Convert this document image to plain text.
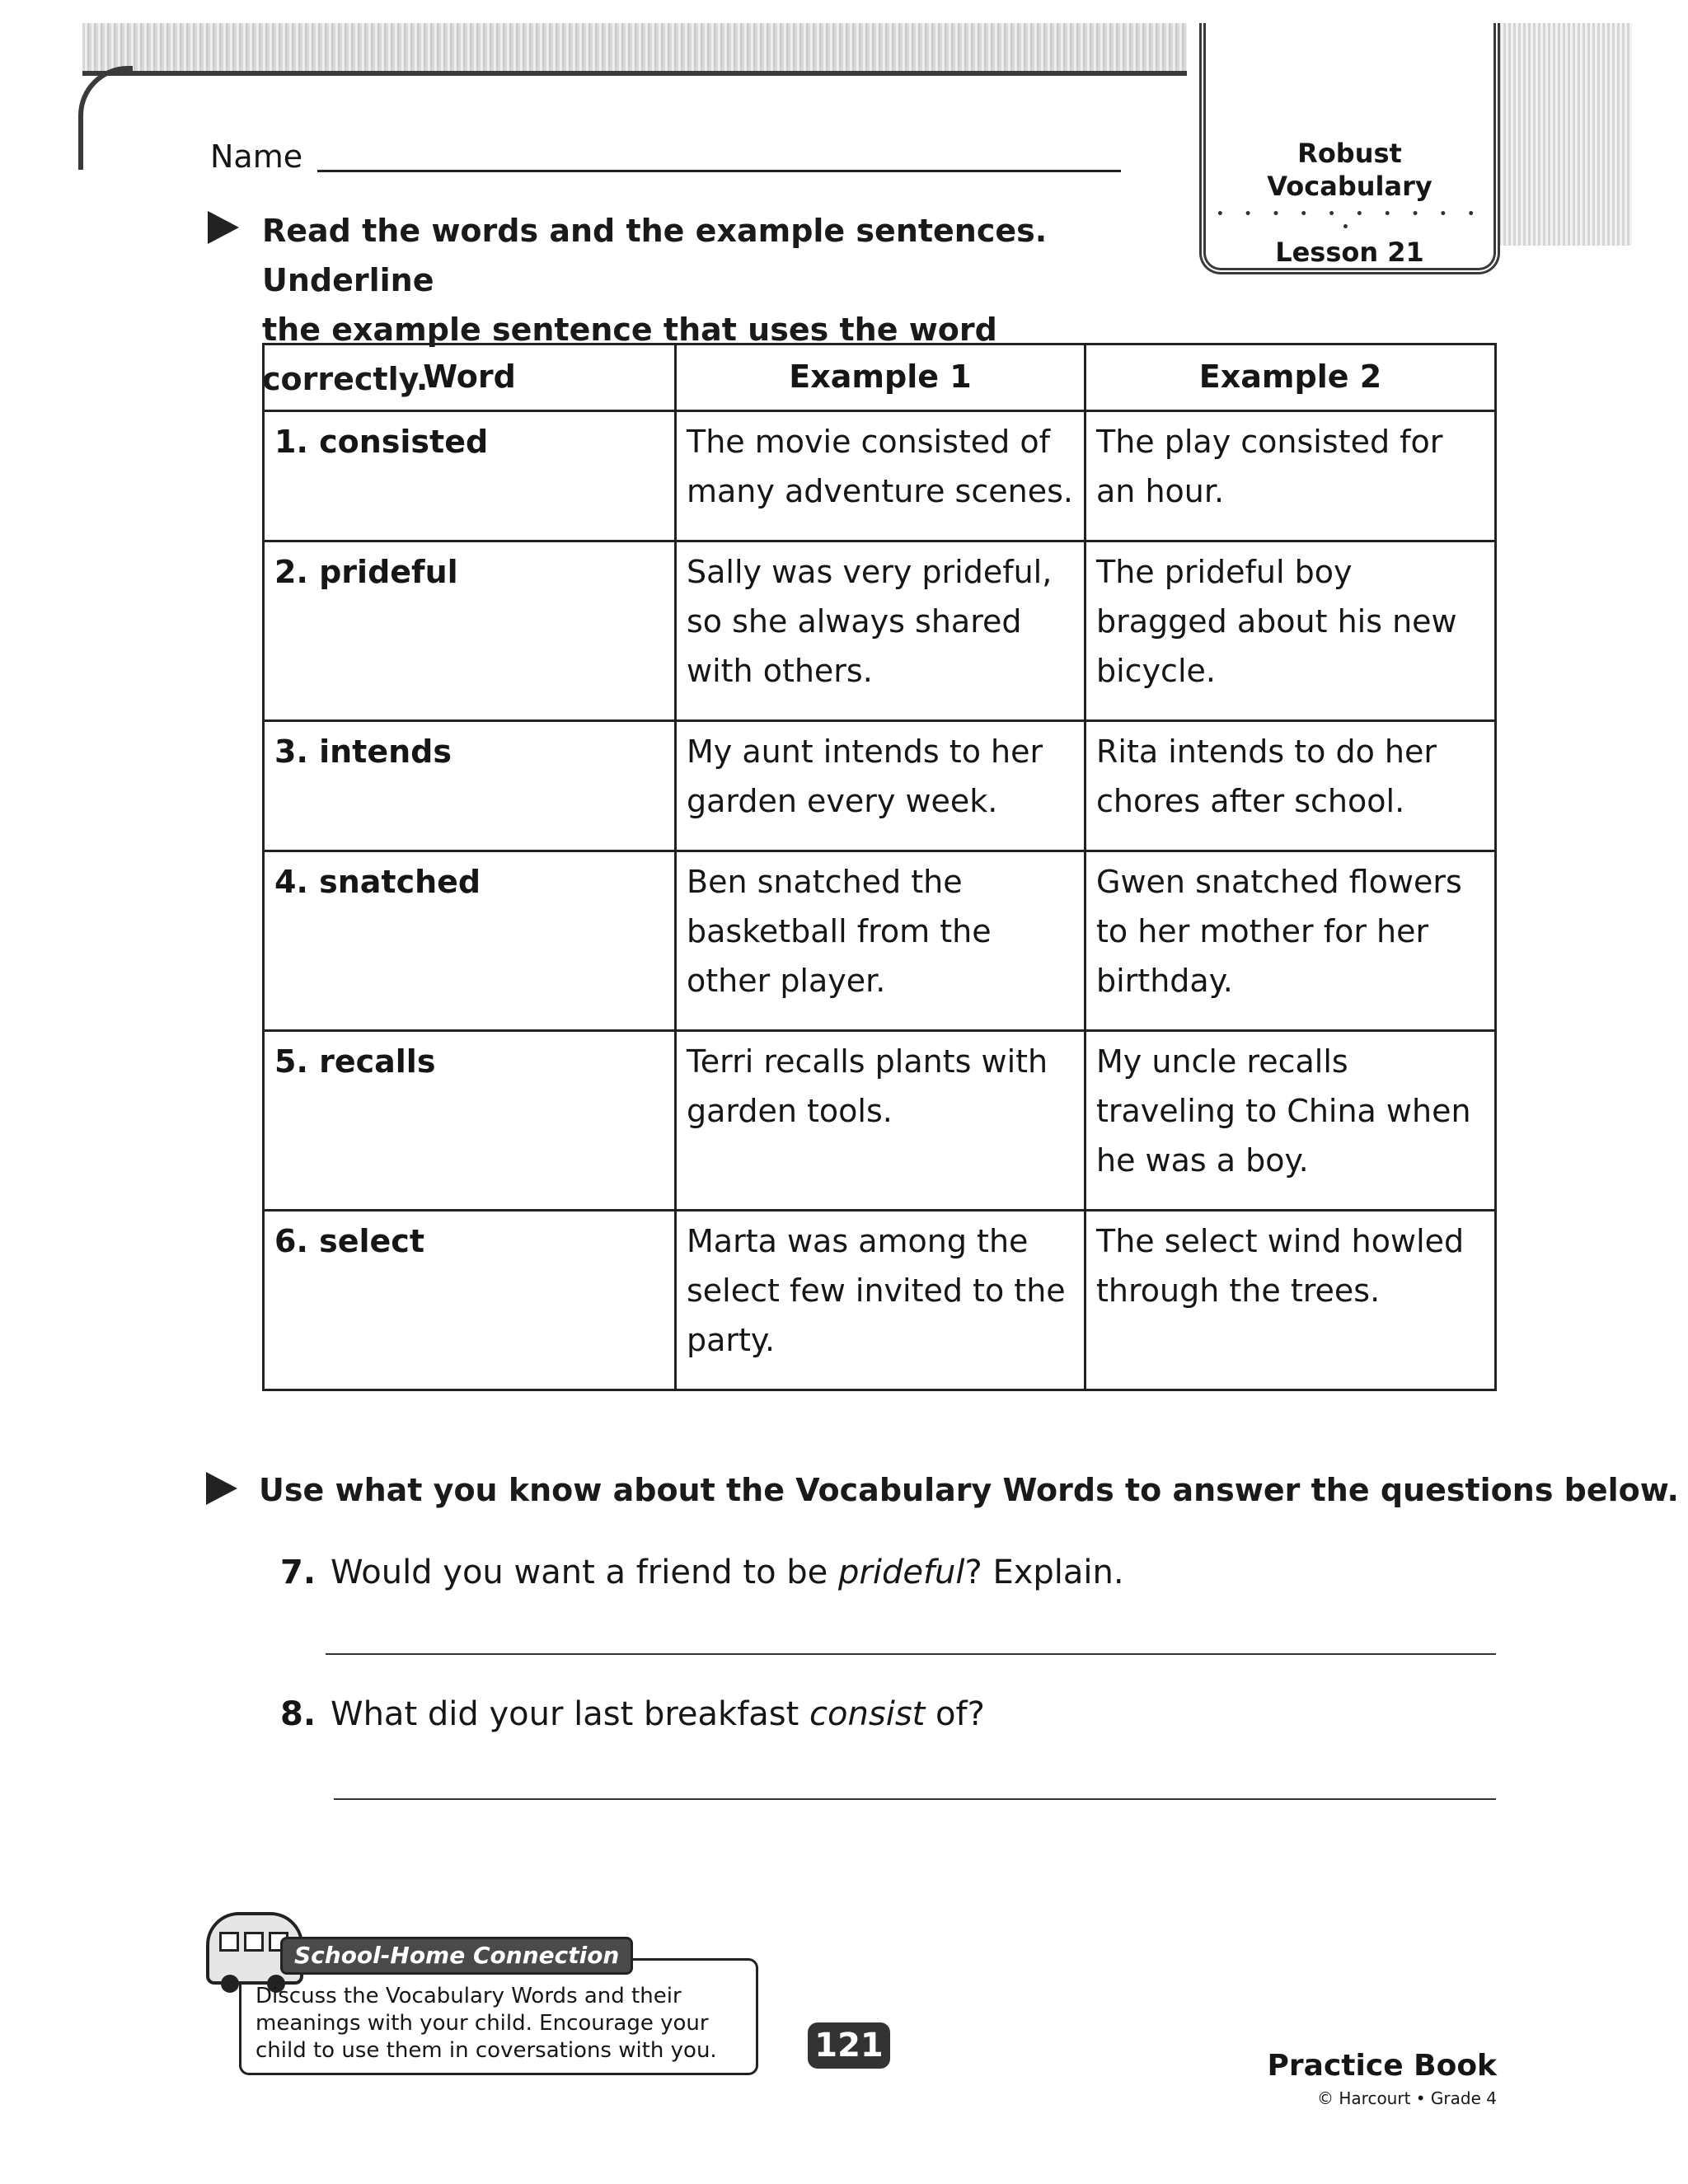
Robust
Vocabulary
• • • • • • • • • • •
Lesson 21
Name
Read the words and the example sentences. Underline
the example sentence that uses the word correctly.
Word	Example 1	Example 2
1. consisted	The movie consisted of many adventure scenes.	The play consisted for an hour.
2. prideful	Sally was very prideful, so she always shared with others.	The prideful boy bragged about his new bicycle.
3. intends	My aunt intends to her garden every week.	Rita intends to do her chores after school.
4. snatched	Ben snatched the basketball from the other player.	Gwen snatched flowers to her mother for her birthday.
5. recalls	Terri recalls plants with garden tools.	My uncle recalls traveling to China when he was a boy.
6. select	Marta was among the select few invited to the party.	The select wind howled through the trees.
Use what you know about the Vocabulary Words to answer the questions below.
7. Would you want a friend to be prideful? Explain.
8. What did your last breakfast consist of?
School-Home Connection
Discuss the Vocabulary Words and their meanings with your child. Encourage your child to use them in coversations with you.	121
Practice Book
© Harcourt • Grade 4
